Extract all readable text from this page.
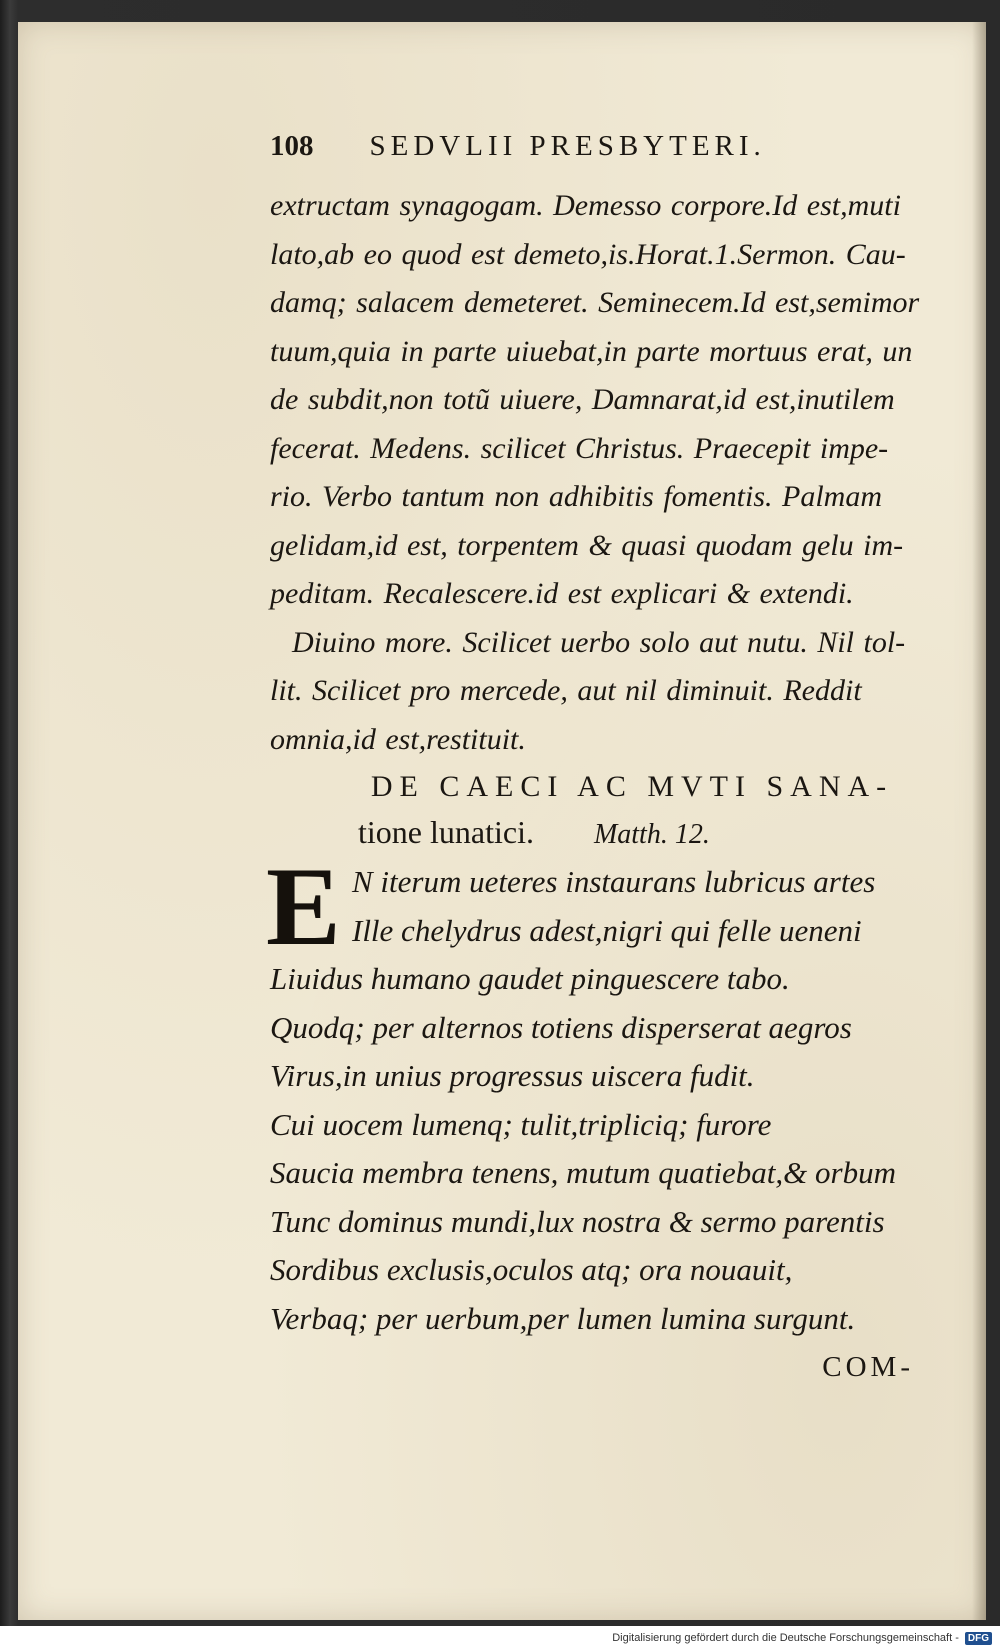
108 SEDVLII PRESBYTERI.
extructam synagogam. Demesso corpore.Id est,muti
lato,ab eo quod est demeto,is.Horat.1.Sermon. Cau-
damq; salacem demeteret. Seminecem.Id est,semimor
tuum,quia in parte uiuebat,in parte mortuus erat, un
de subdit,non totũ uiuere, Damnarat,id est,inutilem
fecerat. Medens. scilicet Christus. Praecepit impe-
rio. Verbo tantum non adhibitis fomentis. Palmam
gelidam,id est, torpentem & quasi quodam gelu im-
peditam. Recalescere.id est explicari & extendi.
Diuino more. Scilicet uerbo solo aut nutu. Nil tol-
lit. Scilicet pro mercede, aut nil diminuit. Reddit
omnia,id est,restituit.
DE CAECI AC MVTI SANA-
tione lunatici. Matth. 12.
E N iterum ueteres instaurans lubricus artes
Ille chelydrus adest,nigri qui felle ueneni
Liuidus humano gaudet pinguescere tabo.
Quodq; per alternos totiens disperserat aegros
Virus,in unius progressus uiscera fudit.
Cui uocem lumenq; tulit,tripliciq; furore
Saucia membra tenens, mutum quatiebat,& orbum
Tunc dominus mundi,lux nostra & sermo parentis
Sordibus exclusis,oculos atq; ora nouauit,
Verbaq; per uerbum,per lumen lumina surgunt.
COM-
Digitalisierung gefördert durch die Deutsche Forschungsgemeinschaft - DFG
